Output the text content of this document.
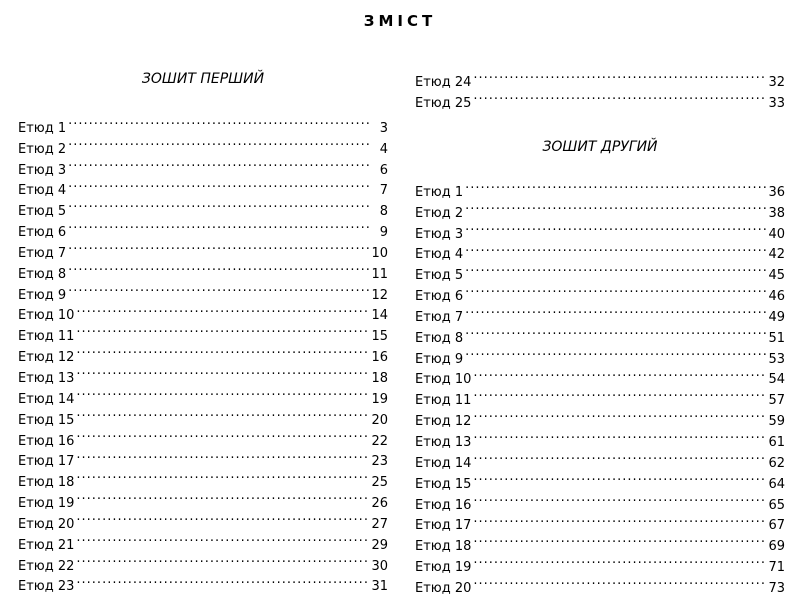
ЗМІСТ
ЗОШИТ ПЕРШИЙ
Етюд 1 .....	3
Етюд 2 .....	4
Етюд 3 .....	6
Етюд 4 .....	7
Етюд 5 .....	8
Етюд 6 .....	9
Етюд 7 .....	10
Етюд 8 .....	11
Етюд 9 .....	12
Етюд 10 .....	14
Етюд 11 .....	15
Етюд 12 .....	16
Етюд 13 .....	18
Етюд 14 .....	19
Етюд 15 .....	20
Етюд 16 .....	22
Етюд 17 .....	23
Етюд 18 .....	25
Етюд 19 .....	26
Етюд 20 .....	27
Етюд 21 .....	29
Етюд 22 .....	30
Етюд 23 .....	31
Етюд 24 .....	32
Етюд 25 .....	33
ЗОШИТ ДРУГИЙ
Етюд 1 .....	36
Етюд 2 .....	38
Етюд 3 .....	40
Етюд 4 .....	42
Етюд 5 .....	45
Етюд 6 .....	46
Етюд 7 .....	49
Етюд 8 .....	51
Етюд 9 .....	53
Етюд 10 .....	54
Етюд 11 .....	57
Етюд 12 .....	59
Етюд 13 .....	61
Етюд 14 .....	62
Етюд 15 .....	64
Етюд 16 .....	65
Етюд 17 .....	67
Етюд 18 .....	69
Етюд 19 .....	71
Етюд 20 .....	73
